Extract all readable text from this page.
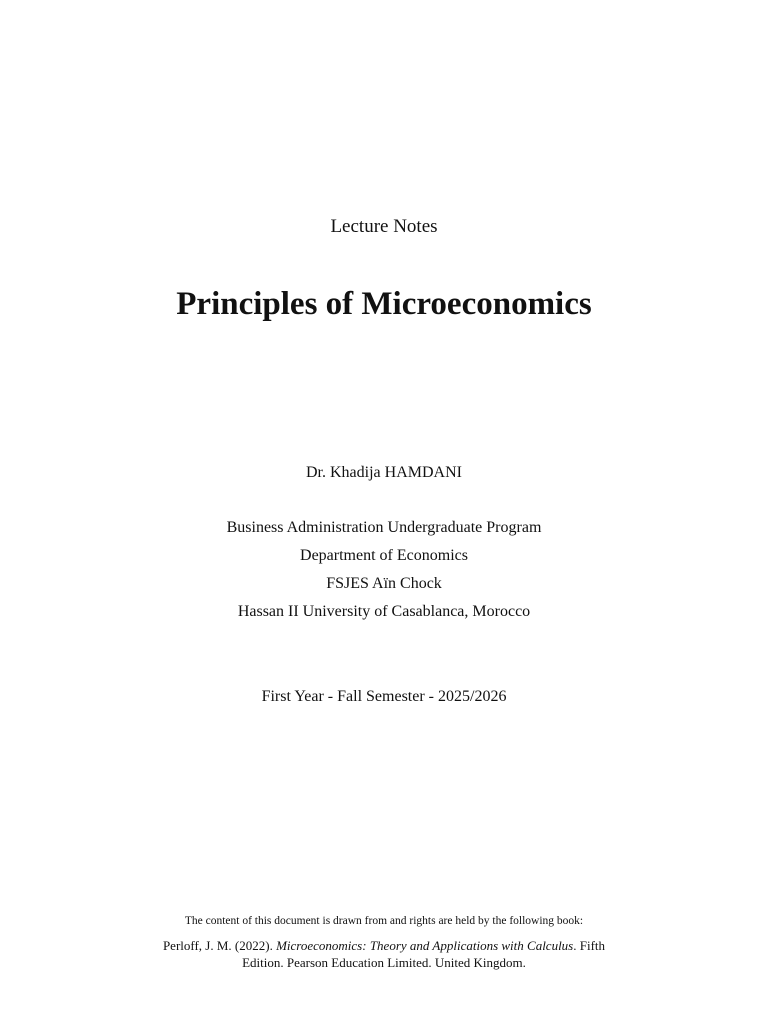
Lecture Notes
Principles of Microeconomics
Dr. Khadija HAMDANI
Business Administration Undergraduate Program
Department of Economics
FSJES Aïn Chock
Hassan II University of Casablanca, Morocco
First Year - Fall Semester - 2025/2026
The content of this document is drawn from and rights are held by the following book:
Perloff, J. M. (2022). Microeconomics: Theory and Applications with Calculus. Fifth Edition. Pearson Education Limited. United Kingdom.
